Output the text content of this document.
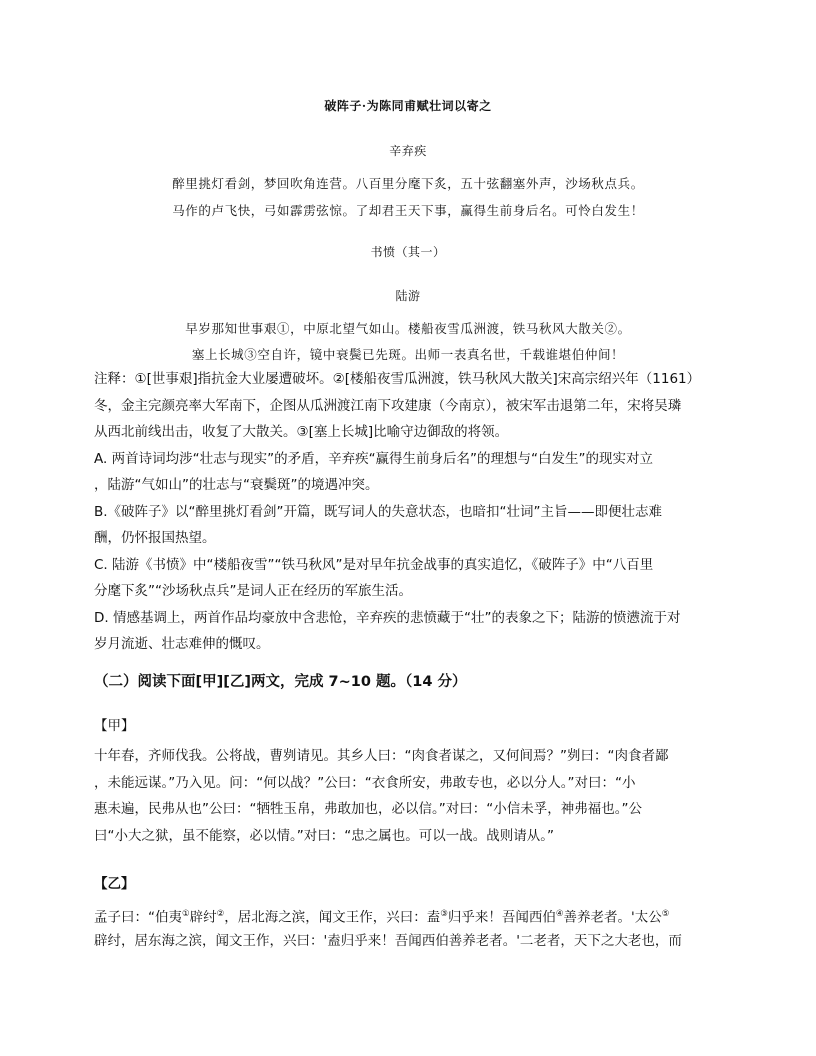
破阵子·为陈同甫赋壮词以寄之
辛弃疾
醉里挑灯看剑，梦回吹角连营。八百里分麾下炙，五十弦翻塞外声，沙场秋点兵。
马作的卢飞快，弓如霹雳弦惊。了却君王天下事，赢得生前身后名。可怜白发生！
书愤（其一）
陆游
早岁那知世事艰①，中原北望气如山。楼船夜雪瓜洲渡，铁马秋风大散关②。
塞上长城③空自许，镜中衰鬓已先斑。出师一表真名世，千载谁堪伯仲间！
注释：①[世事艰]指抗金大业屡遭破坏。②[楼船夜雪瓜洲渡，铁马秋风大散关]宋高宗绍兴年（1161）
冬，金主完颜亮率大军南下，企图从瓜洲渡江南下攻建康（今南京），被宋军击退第二年，宋将吴璘
从西北前线出击，收复了大散关。③[塞上长城]比喻守边御敌的将领。
A. 两首诗词均涉“壮志与现实”的矛盾，辛弃疾“赢得生前身后名”的理想与“白发生”的现实对立
，陆游“气如山”的壮志与“衰鬓斑”的境遇冲突。
B.《破阵子》以“醉里挑灯看剑”开篇，既写词人的失意状态，也暗扣“壮词”主旨——即便壮志难
酬，仍怀报国热望。
C. 陆游《书愤》中“楼船夜雪”“铁马秋风”是对早年抗金战事的真实追忆，《破阵子》中“八百里
分麾下炙”“沙场秋点兵”是词人正在经历的军旅生活。
D. 情感基调上，两首作品均豪放中含悲怆，辛弃疾的悲愤藏于“壮”的表象之下；陆游的愤懑流于对
岁月流逝、壮志难伸的慨叹。
（二）阅读下面[甲][乙]两文，完成 7~10 题。（14 分）
【甲】
十年春，齐师伐我。公将战，曹刿请见。其乡人曰：“肉食者谋之，又何间焉？”刿曰：“肉食者鄙
，未能远谋。”乃入见。问：“何以战？”公曰：“衣食所安，弗敢专也，必以分人。”对曰：“小
惠未遍，民弗从也”公曰：“牺牲玉帛，弗敢加也，必以信。”对曰：“小信未孚，神弗福也。”公
曰“小大之狱，虽不能察，必以情。”对曰：“忠之属也。可以一战。战则请从。”
【乙】
孟子曰：“伯夷①辟纣②，居北海之滨，闻文王作，兴曰：盍③归乎来！吾闻西伯④善养老者。'太公⑤
辟纣，居东海之滨，闻文王作，兴曰：'盍归乎来！吾闻西伯善养老者。'二老者，天下之大老也，而
